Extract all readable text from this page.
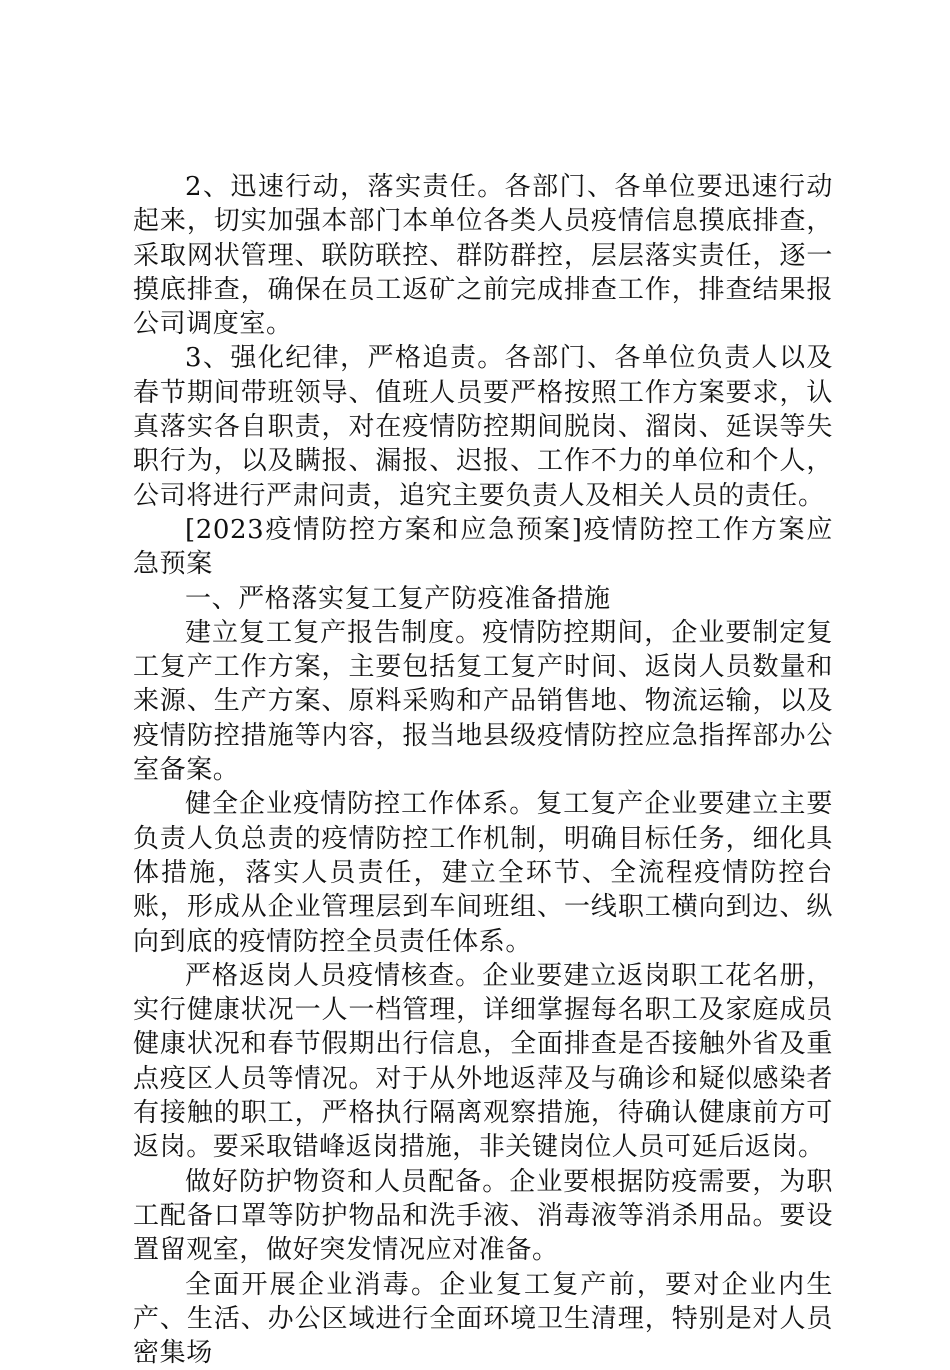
2、迅速行动，落实责任。各部门、各单位要迅速行动起来，切实加强本部门本单位各类人员疫情信息摸底排查，采取网状管理、联防联控、群防群控，层层落实责任，逐一摸底排查，确保在员工返矿之前完成排查工作，排查结果报公司调度室。

3、强化纪律，严格追责。各部门、各单位负责人以及春节期间带班领导、值班人员要严格按照工作方案要求，认真落实各自职责，对在疫情防控期间脱岗、溜岗、延误等失职行为，以及瞒报、漏报、迟报、工作不力的单位和个人，公司将进行严肃问责，追究主要负责人及相关人员的责任。

[2023疫情防控方案和应急预案]疫情防控工作方案应急预案

一、严格落实复工复产防疫准备措施

建立复工复产报告制度。疫情防控期间，企业要制定复工复产工作方案，主要包括复工复产时间、返岗人员数量和来源、生产方案、原料采购和产品销售地、物流运输，以及疫情防控措施等内容，报当地县级疫情防控应急指挥部办公室备案。

健全企业疫情防控工作体系。复工复产企业要建立主要负责人负总责的疫情防控工作机制，明确目标任务，细化具体措施，落实人员责任，建立全环节、全流程疫情防控台账，形成从企业管理层到车间班组、一线职工横向到边、纵向到底的疫情防控全员责任体系。

严格返岗人员疫情核查。企业要建立返岗职工花名册，实行健康状况一人一档管理，详细掌握每名职工及家庭成员健康状况和春节假期出行信息，全面排查是否接触外省及重点疫区人员等情况。对于从外地返萍及与确诊和疑似感染者有接触的职工，严格执行隔离观察措施，待确认健康前方可返岗。要采取错峰返岗措施，非关键岗位人员可延后返岗。

做好防护物资和人员配备。企业要根据防疫需要，为职工配备口罩等防护物品和洗手液、消毒液等消杀用品。要设置留观室，做好突发情况应对准备。

全面开展企业消毒。企业复工复产前，要对企业内生产、生活、办公区域进行全面环境卫生清理，特别是对人员密集场
